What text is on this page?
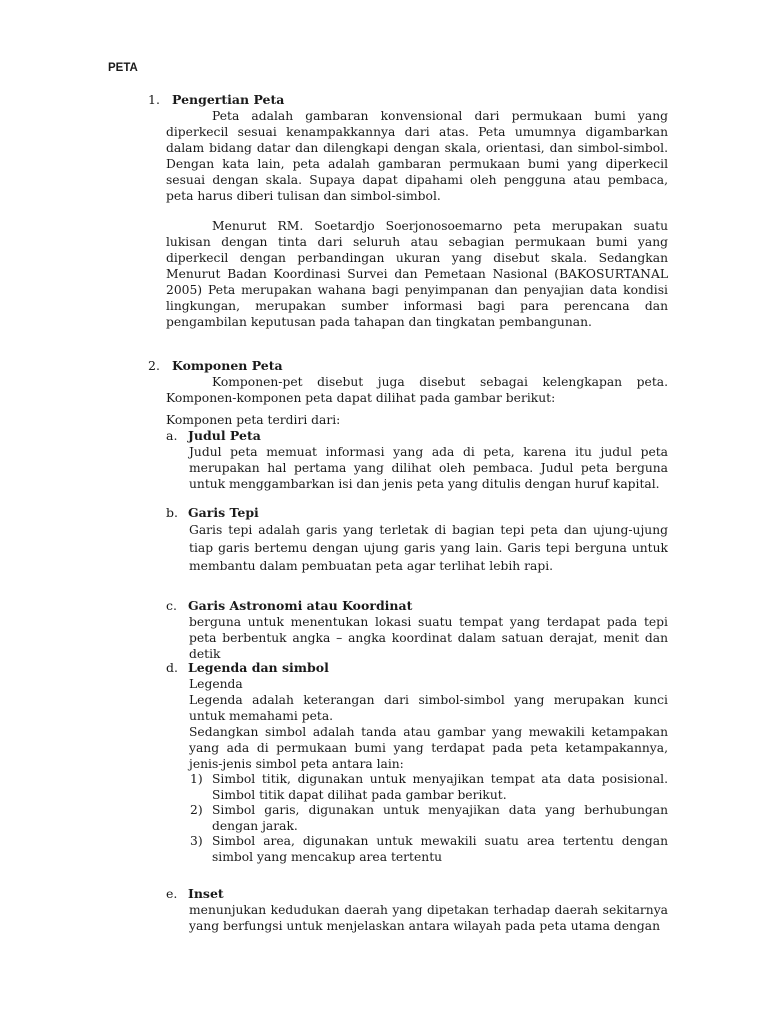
PETA
1. Pengertian Peta

Peta adalah gambaran konvensional dari permukaan bumi yang diperkecil sesuai kenampakkannya dari atas. Peta umumnya digambarkan dalam bidang datar dan dilengkapi dengan skala, orientasi, dan simbol-simbol. Dengan kata lain, peta adalah gambaran permukaan bumi yang diperkecil sesuai dengan skala. Supaya dapat dipahami oleh pengguna atau pembaca, peta harus diberi tulisan dan simbol-simbol.

Menurut RM. Soetardjo Soerjonosoemarno peta merupakan suatu lukisan dengan tinta dari seluruh atau sebagian permukaan bumi yang diperkecil dengan perbandingan ukuran yang disebut skala. Sedangkan Menurut Badan Koordinasi Survei dan Pemetaan Nasional (BAKOSURTANAL 2005) Peta merupakan wahana bagi penyimpanan dan penyajian data kondisi lingkungan, merupakan sumber informasi bagi para perencana dan pengambilan keputusan pada tahapan dan tingkatan pembangunan.

2. Komponen Peta

Komponen-pet disebut juga disebut sebagai kelengkapan peta. Komponen-komponen peta dapat dilihat pada gambar berikut:

Komponen peta terdiri dari:

a. Judul Peta

Judul peta memuat informasi yang ada di peta, karena itu judul peta merupakan hal pertama yang dilihat oleh pembaca. Judul peta berguna untuk menggambarkan isi dan jenis peta yang ditulis dengan huruf kapital.

b. Garis Tepi

Garis tepi adalah garis yang terletak di bagian tepi peta dan ujung-ujung tiap garis bertemu dengan ujung garis yang lain. Garis tepi berguna untuk membantu dalam pembuatan peta agar terlihat lebih rapi.

c. Garis Astronomi atau Koordinat

berguna untuk menentukan lokasi suatu tempat yang terdapat pada tepi peta berbentuk angka – angka koordinat dalam satuan derajat, menit dan detik

d. Legenda dan simbol

Legenda

Legenda adalah keterangan dari simbol-simbol yang merupakan kunci untuk memahami peta.

Sedangkan simbol adalah tanda atau gambar yang mewakili ketampakan yang ada di permukaan bumi yang terdapat pada peta ketampakannya, jenis-jenis simbol peta antara lain:

1) Simbol titik, digunakan untuk menyajikan tempat ata data posisional. Simbol titik dapat dilihat pada gambar berikut.
2) Simbol garis, digunakan untuk menyajikan data yang berhubungan dengan jarak.
3) Simbol area, digunakan untuk mewakili suatu area tertentu dengan simbol yang mencakup area tertentu
e. Inset

menunjukan kedudukan daerah yang dipetakan terhadap daerah sekitarnya yang berfungsi untuk menjelaskan antara wilayah pada peta utama dengan
